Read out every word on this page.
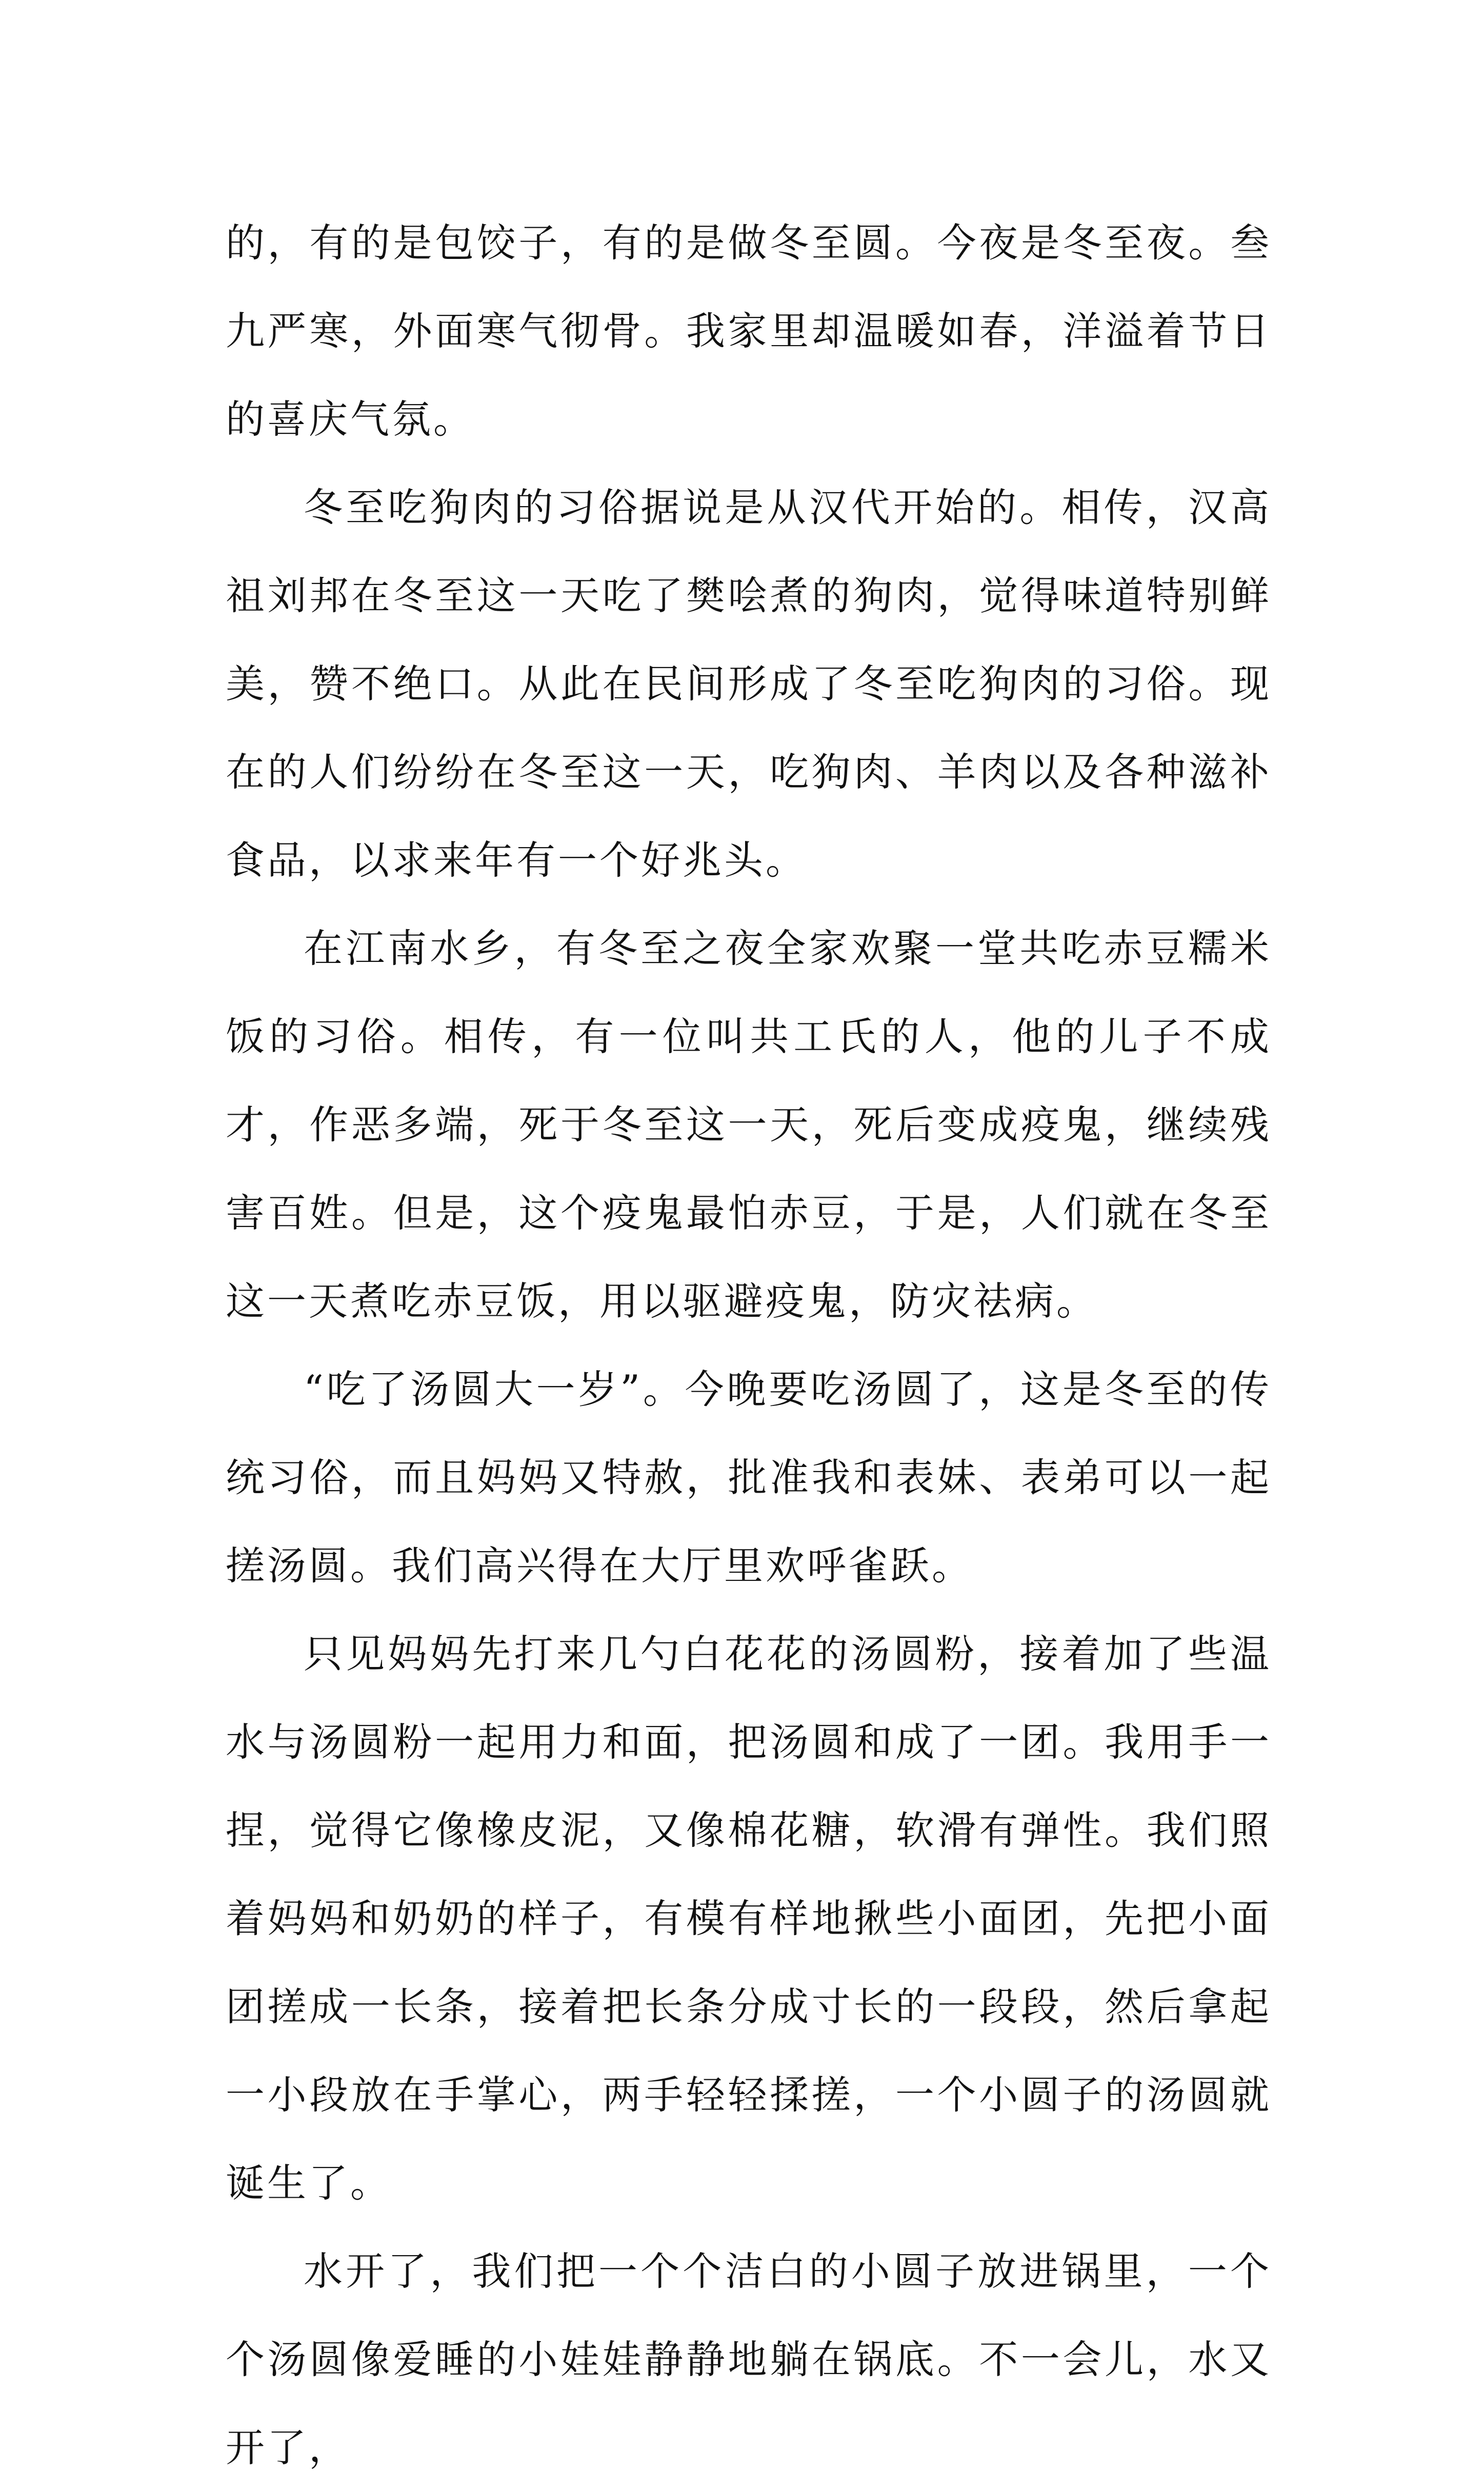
的，有的是包饺子，有的是做冬至圆。今夜是冬至夜。叁九严寒，外面寒气彻骨。我家里却温暖如春，洋溢着节日的喜庆气氛。

冬至吃狗肉的习俗据说是从汉代开始的。相传，汉高祖刘邦在冬至这一天吃了樊哙煮的狗肉，觉得味道特别鲜美，赞不绝口。从此在民间形成了冬至吃狗肉的习俗。现在的人们纷纷在冬至这一天，吃狗肉、羊肉以及各种滋补食品，以求来年有一个好兆头。

在江南水乡，有冬至之夜全家欢聚一堂共吃赤豆糯米饭的习俗。相传，有一位叫共工氏的人，他的儿子不成才，作恶多端，死于冬至这一天，死后变成疫鬼，继续残害百姓。但是，这个疫鬼最怕赤豆，于是，人们就在冬至这一天煮吃赤豆饭，用以驱避疫鬼，防灾祛病。

“吃了汤圆大一岁”。今晚要吃汤圆了，这是冬至的传统习俗，而且妈妈又特赦，批准我和表妹、表弟可以一起搓汤圆。我们高兴得在大厅里欢呼雀跃。

只见妈妈先打来几勺白花花的汤圆粉，接着加了些温水与汤圆粉一起用力和面，把汤圆和成了一团。我用手一捏，觉得它像橡皮泥，又像棉花糖，软滑有弹性。我们照着妈妈和奶奶的样子，有模有样地揪些小面团，先把小面团搓成一长条，接着把长条分成寸长的一段段，然后拿起一小段放在手掌心，两手轻轻揉搓，一个小圆子的汤圆就诞生了。

水开了，我们把一个个洁白的小圆子放进锅里，一个个汤圆像爱睡的小娃娃静静地躺在锅底。不一会儿，水又开了，
